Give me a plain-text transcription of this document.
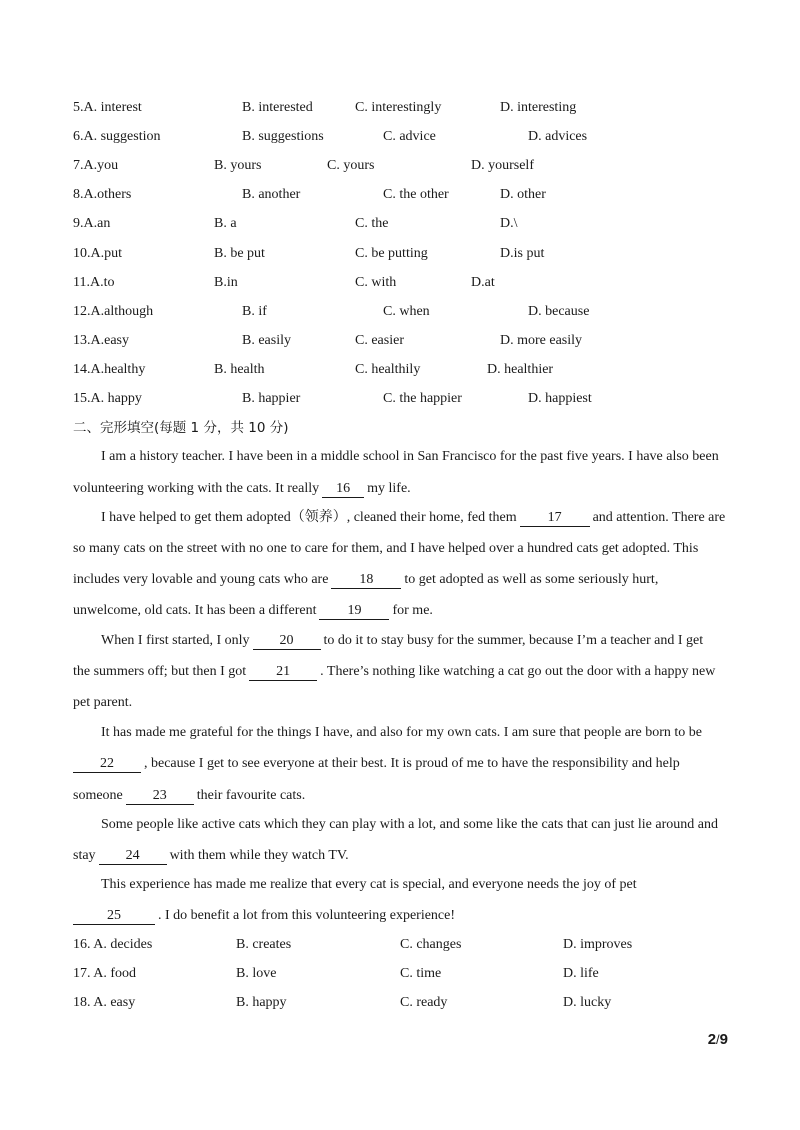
5.A. interest	B. interested	C. interestingly	D. interesting
6.A. suggestion	B. suggestions	C. advice	D. advices
7.A.you	B. yours	C. yours	D. yourself
8.A.others	B. another	C. the other	D. other
9.A.an	B. a	C. the	D.\
10.A.put	B. be put	C. be putting	D.is put
11.A.to	B.in	C. with	D.at
12.A.although	B. if	C. when	D. because
13.A.easy	B. easily	C. easier	D. more easily
14.A.healthy	B. health	C. healthily	D. healthier
15.A. happy	B. happier	C. the happier	D. happiest
二、完形填空(每题 1 分，共 10 分)
I am a history teacher. I have been in a middle school in San Francisco for the past five years. I have also been
volunteering working with the cats. It really 16 my life.
I have helped to get them adopted（领养）, cleaned their home, fed them 17 and attention. There are
so many cats on the street with no one to care for them, and I have helped over a hundred cats get adopted. This
includes very lovable and young cats who are 18 to get adopted as well as some seriously hurt,
unwelcome, old cats. It has been a different 19 for me.
When I first started, I only 20 to do it to stay busy for the summer, because I’m a teacher and I get
the summers off; but then I got 21 . There’s nothing like watching a cat go out the door with a happy new
pet parent.
It has made me grateful for the things I have, and also for my own cats. I am sure that people are born to be
22 , because I get to see everyone at their best. It is proud of me to have the responsibility and help
someone 23 their favourite cats.
Some people like active cats which they can play with a lot, and some like the cats that can just lie around and
stay 24 with them while they watch TV.
This experience has made me realize that every cat is special, and everyone needs the joy of pet
25	. I do benefit a lot from this volunteering experience!
16. A. decides	B. creates	C. changes	D. improves
17. A. food	B. love	C. time	D. life
18. A. easy	B. happy	C. ready	D. lucky
2/9
